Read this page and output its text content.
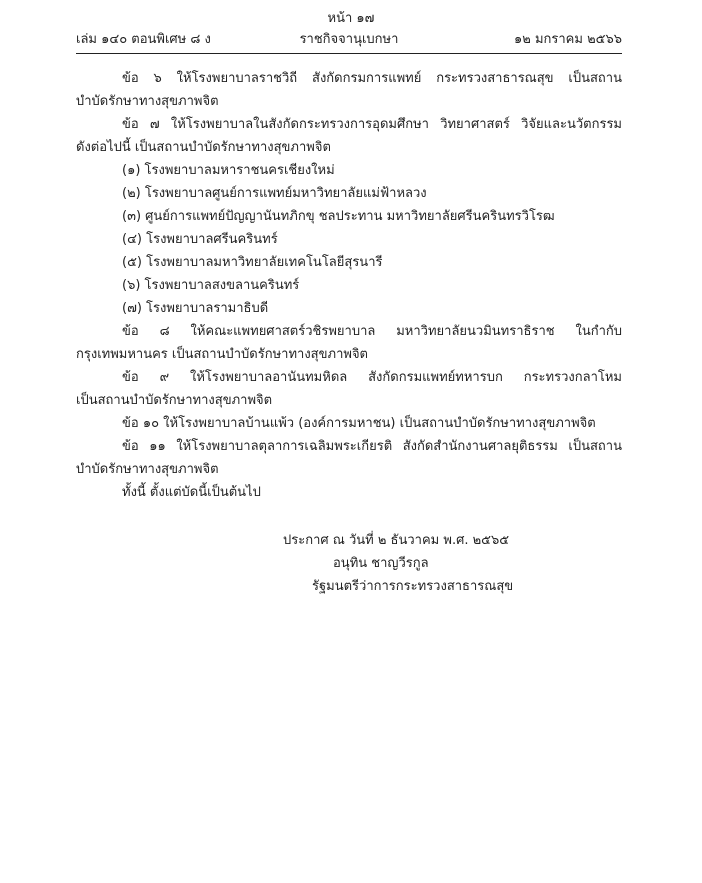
หน้า ๑๗
ราชกิจจานุเบกษา
เล่ม ๑๔๐ ตอนพิเศษ ๘ ง	๑๒ มกราคม ๒๕๖๖
ข้อ ๖ ให้โรงพยาบาลราชวิถี สังกัดกรมการแพทย์ กระทรวงสาธารณสุข เป็นสถาน
บำบัดรักษาทางสุขภาพจิต
ข้อ ๗ ให้โรงพยาบาลในสังกัดกระทรวงการอุดมศึกษา วิทยาศาสตร์ วิจัยและนวัตกรรม
ดังต่อไปนี้ เป็นสถานบำบัดรักษาทางสุขภาพจิต
(๑) โรงพยาบาลมหาราชนครเชียงใหม่
(๒) โรงพยาบาลศูนย์การแพทย์มหาวิทยาลัยแม่ฟ้าหลวง
(๓) ศูนย์การแพทย์ปัญญานันทภิกขุ ชลประทาน มหาวิทยาลัยศรีนครินทรวิโรฒ
(๔) โรงพยาบาลศรีนครินทร์
(๕) โรงพยาบาลมหาวิทยาลัยเทคโนโลยีสุรนารี
(๖) โรงพยาบาลสงขลานครินทร์
(๗) โรงพยาบาลรามาธิบดี
ข้อ ๘ ให้คณะแพทยศาสตร์วชิรพยาบาล มหาวิทยาลัยนวมินทราธิราช ในกำกับ
กรุงเทพมหานคร เป็นสถานบำบัดรักษาทางสุขภาพจิต
ข้อ ๙ ให้โรงพยาบาลอานันทมหิดล สังกัดกรมแพทย์ทหารบก กระทรวงกลาโหม
เป็นสถานบำบัดรักษาทางสุขภาพจิต
ข้อ ๑๐ ให้โรงพยาบาลบ้านแพ้ว (องค์การมหาชน) เป็นสถานบำบัดรักษาทางสุขภาพจิต
ข้อ ๑๑ ให้โรงพยาบาลตุลาการเฉลิมพระเกียรติ สังกัดสำนักงานศาลยุติธรรม เป็นสถาน
บำบัดรักษาทางสุขภาพจิต
ทั้งนี้ ตั้งแต่บัดนี้เป็นต้นไป
ประกาศ ณ วันที่ ๒ ธันวาคม พ.ศ. ๒๕๖๕
อนุทิน ชาญวีรกูล
รัฐมนตรีว่าการกระทรวงสาธารณสุข
